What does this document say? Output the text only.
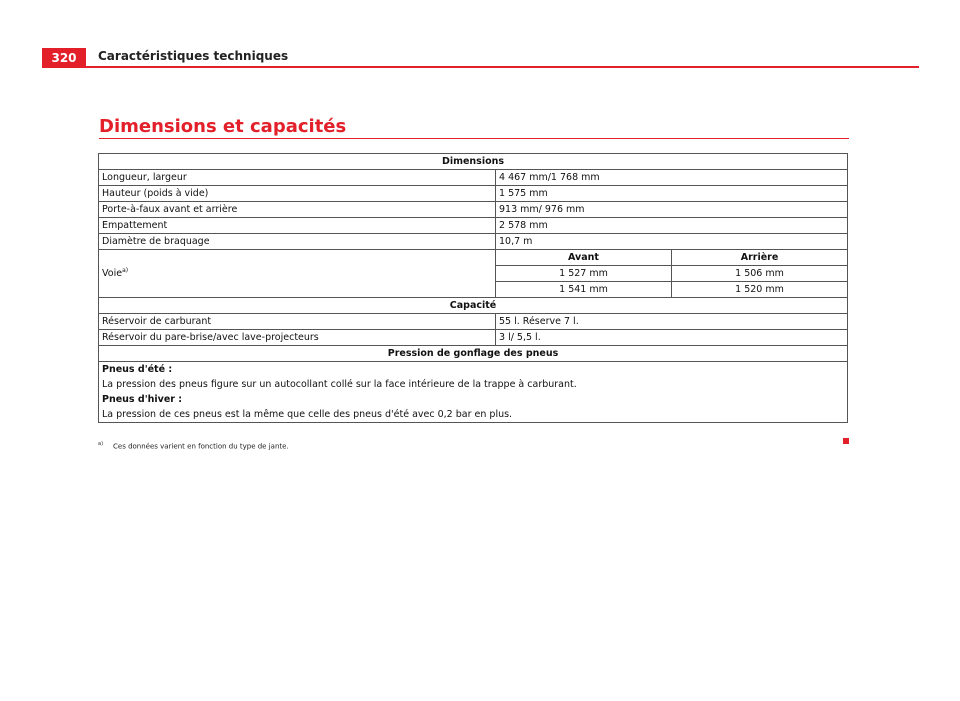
320	Caractéristiques techniques
Dimensions et capacités
Dimensions		
Longueur, largeur	4 467 mm/1 768 mm	
Hauteur (poids à vide)	1 575 mm	
Porte-à-faux avant et arrière	913 mm/ 976 mm	
Empattement	2 578 mm	
Diamètre de braquage	10,7 m	
Voie$^{a)}$	Avant	Arrière
	1 527 mm	1 506 mm
	1 541 mm	1 520 mm
Capacité		
Réservoir de carburant	55 l. Réserve 7 l.	
Réservoir du pare-brise/avec lave-projecteurs	3 l/ 5,5 l.	
Pression de gonflage des pneus		

Pneus d'été :
La pression des pneus figure sur un autocollant collé sur la face intérieure de la trappe à carburant.
Pneus d'hiver :
La pression de ces pneus est la même que celle des pneus d'été avec 0,2 bar en plus.		
$^{a)}$ Ces données varient en fonction du type de jante.
